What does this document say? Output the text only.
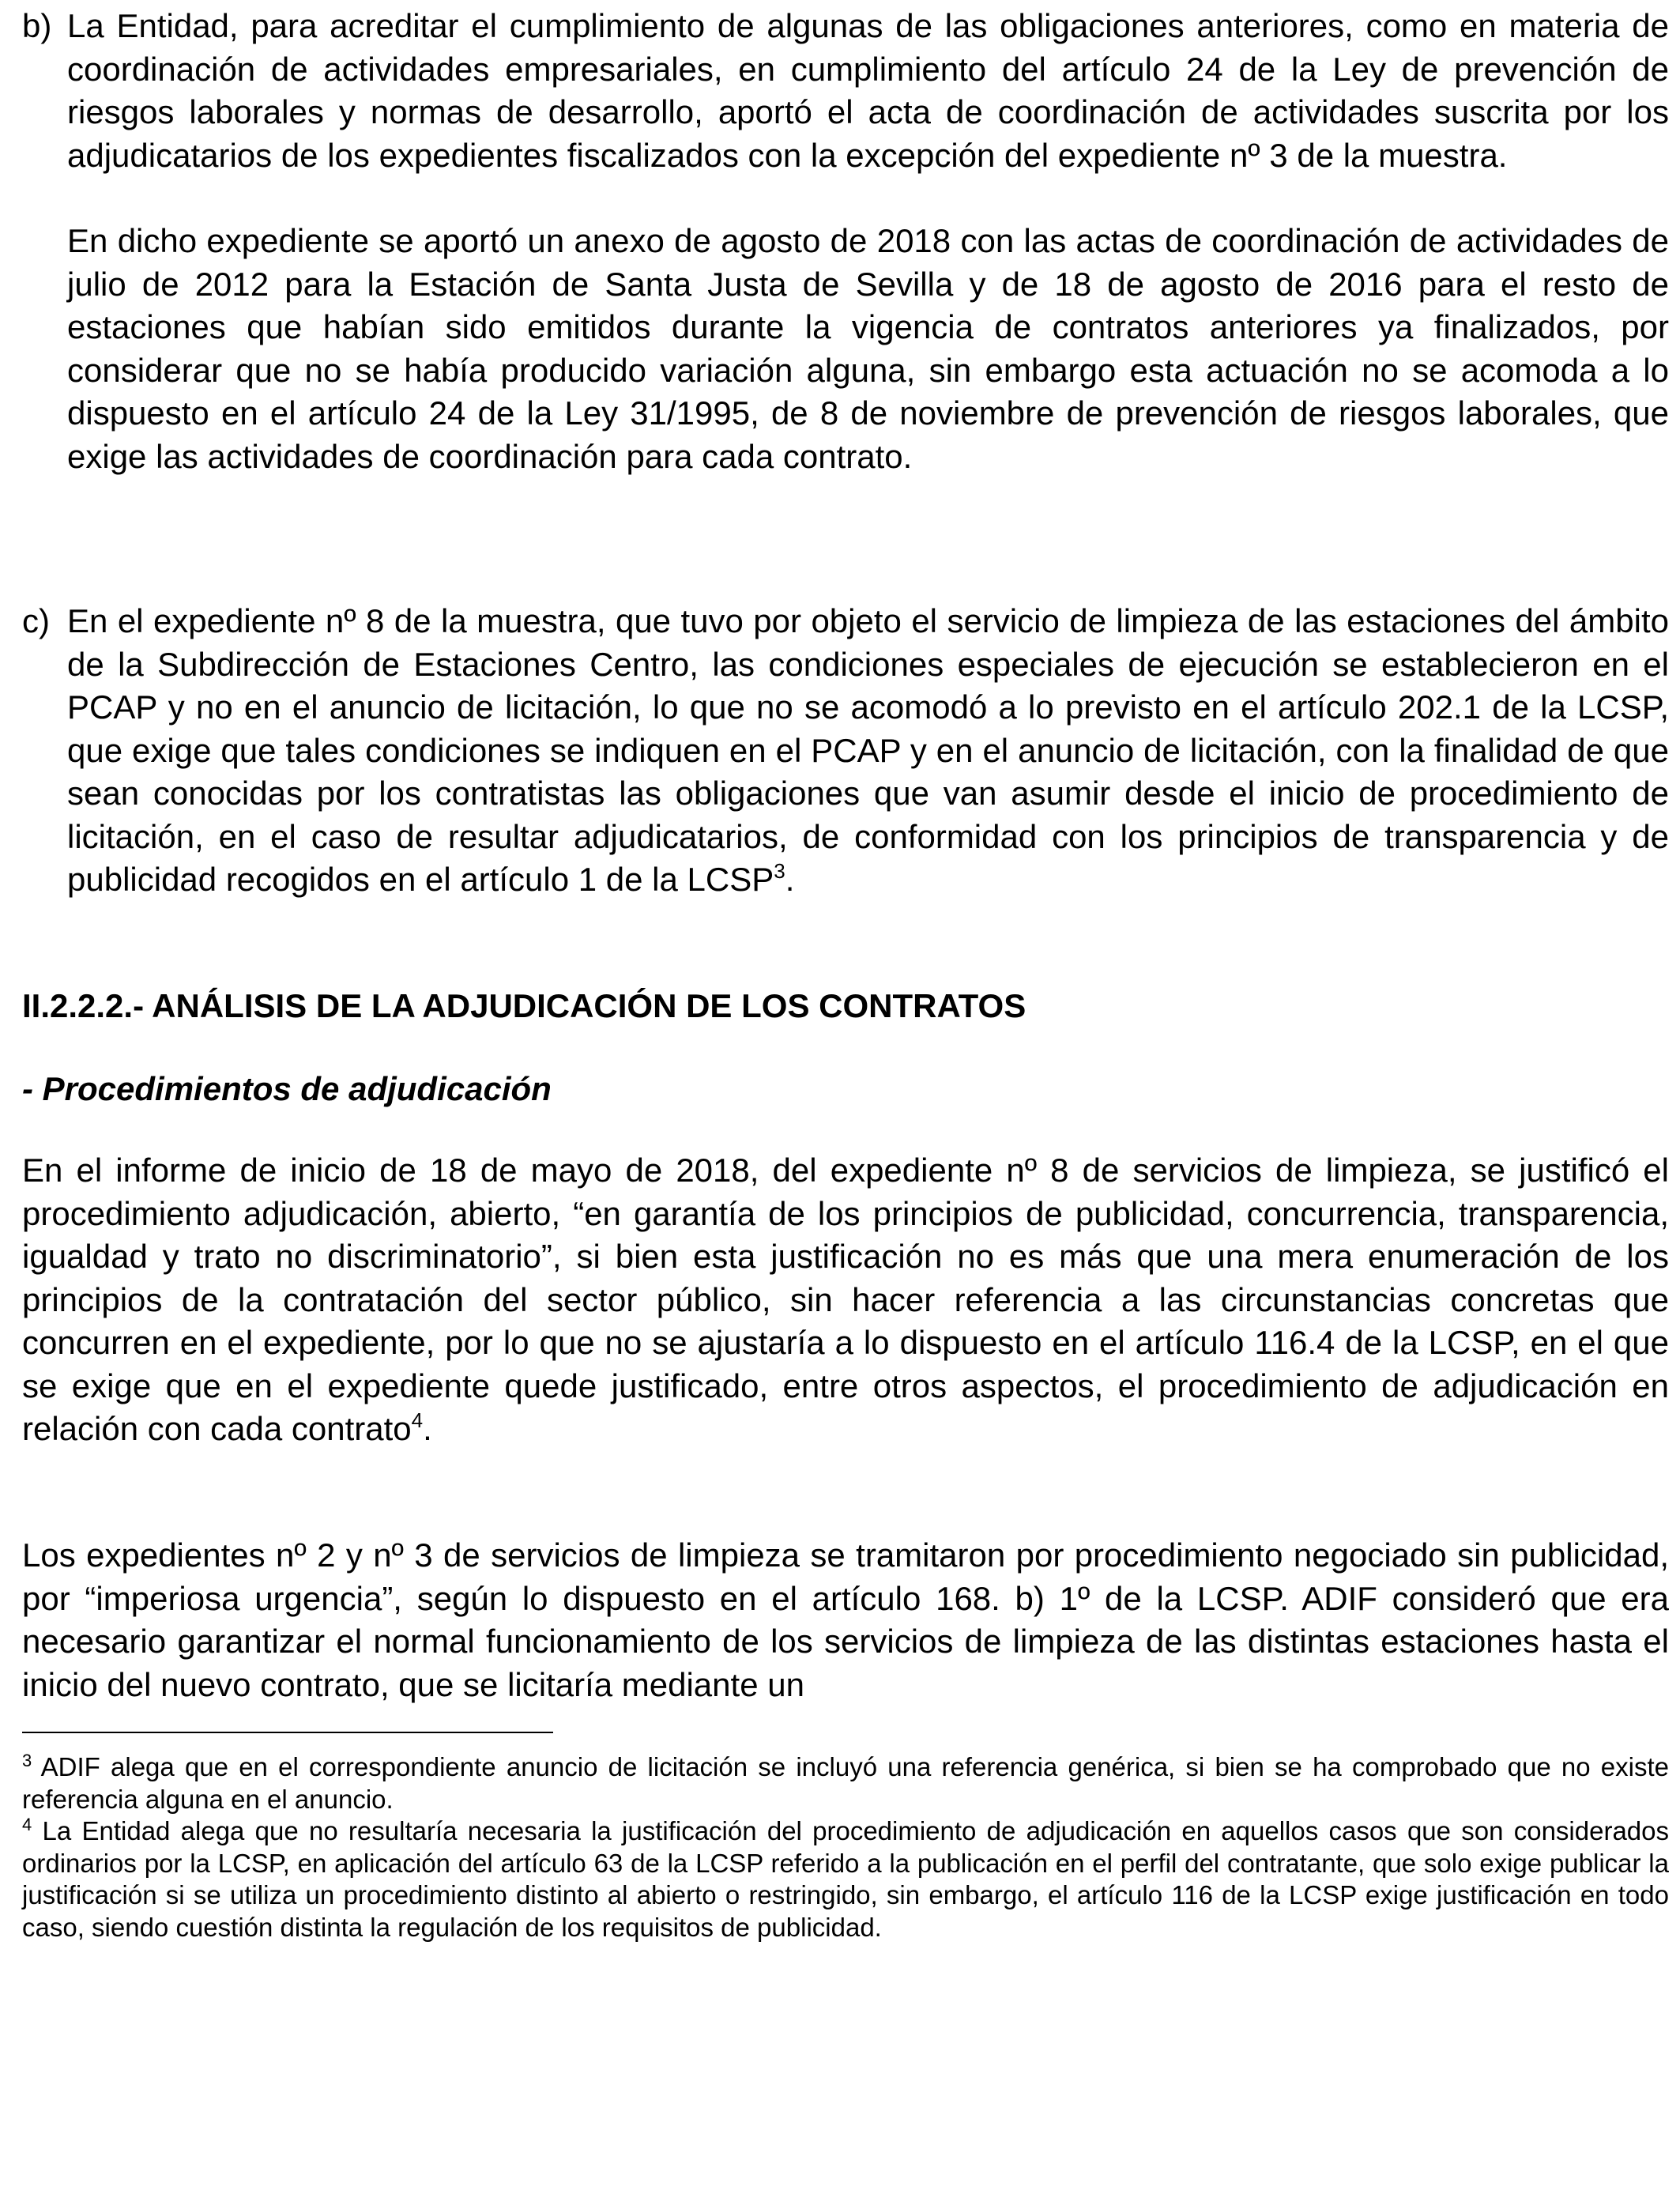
b) La Entidad, para acreditar el cumplimiento de algunas de las obligaciones anteriores, como en materia de coordinación de actividades empresariales, en cumplimiento del artículo 24 de la Ley de prevención de riesgos laborales y normas de desarrollo, aportó el acta de coordinación de actividades suscrita por los adjudicatarios de los expedientes fiscalizados con la excepción del expediente nº 3 de la muestra.

En dicho expediente se aportó un anexo de agosto de 2018 con las actas de coordinación de actividades de julio de 2012 para la Estación de Santa Justa de Sevilla y de 18 de agosto de 2016 para el resto de estaciones que habían sido emitidos durante la vigencia de contratos anteriores ya finalizados, por considerar que no se había producido variación alguna, sin embargo esta actuación no se acomoda a lo dispuesto en el artículo 24 de la Ley 31/1995, de 8 de noviembre de prevención de riesgos laborales, que exige las actividades de coordinación para cada contrato.

c) En el expediente nº 8 de la muestra, que tuvo por objeto el servicio de limpieza de las estaciones del ámbito de la Subdirección de Estaciones Centro, las condiciones especiales de ejecución se establecieron en el PCAP y no en el anuncio de licitación, lo que no se acomodó a lo previsto en el artículo 202.1 de la LCSP, que exige que tales condiciones se indiquen en el PCAP y en el anuncio de licitación, con la finalidad de que sean conocidas por los contratistas las obligaciones que van asumir desde el inicio de procedimiento de licitación, en el caso de resultar adjudicatarios, de conformidad con los principios de transparencia y de publicidad recogidos en el artículo 1 de la LCSP$^3$.

II.2.2.2.- ANÁLISIS DE LA ADJUDICACIÓN DE LOS CONTRATOS

- Procedimientos de adjudicación

En el informe de inicio de 18 de mayo de 2018, del expediente nº 8 de servicios de limpieza, se justificó el procedimiento adjudicación, abierto, “en garantía de los principios de publicidad, concurrencia, transparencia, igualdad y trato no discriminatorio”, si bien esta justificación no es más que una mera enumeración de los principios de la contratación del sector público, sin hacer referencia a las circunstancias concretas que concurren en el expediente, por lo que no se ajustaría a lo dispuesto en el artículo 116.4 de la LCSP, en el que se exige que en el expediente quede justificado, entre otros aspectos, el procedimiento de adjudicación en relación con cada contrato$^4$.

Los expedientes nº 2 y nº 3 de servicios de limpieza se tramitaron por procedimiento negociado sin publicidad, por “imperiosa urgencia”, según lo dispuesto en el artículo 168. b) 1º de la LCSP. ADIF consideró que era necesario garantizar el normal funcionamiento de los servicios de limpieza de las distintas estaciones hasta el inicio del nuevo contrato, que se licitaría mediante un

$^3$ ADIF alega que en el correspondiente anuncio de licitación se incluyó una referencia genérica, si bien se ha comprobado que no existe referencia alguna en el anuncio.

$^4$ La Entidad alega que no resultaría necesaria la justificación del procedimiento de adjudicación en aquellos casos que son considerados ordinarios por la LCSP, en aplicación del artículo 63 de la LCSP referido a la publicación en el perfil del contratante, que solo exige publicar la justificación si se utiliza un procedimiento distinto al abierto o restringido, sin embargo, el artículo 116 de la LCSP exige justificación en todo caso, siendo cuestión distinta la regulación de los requisitos de publicidad.
